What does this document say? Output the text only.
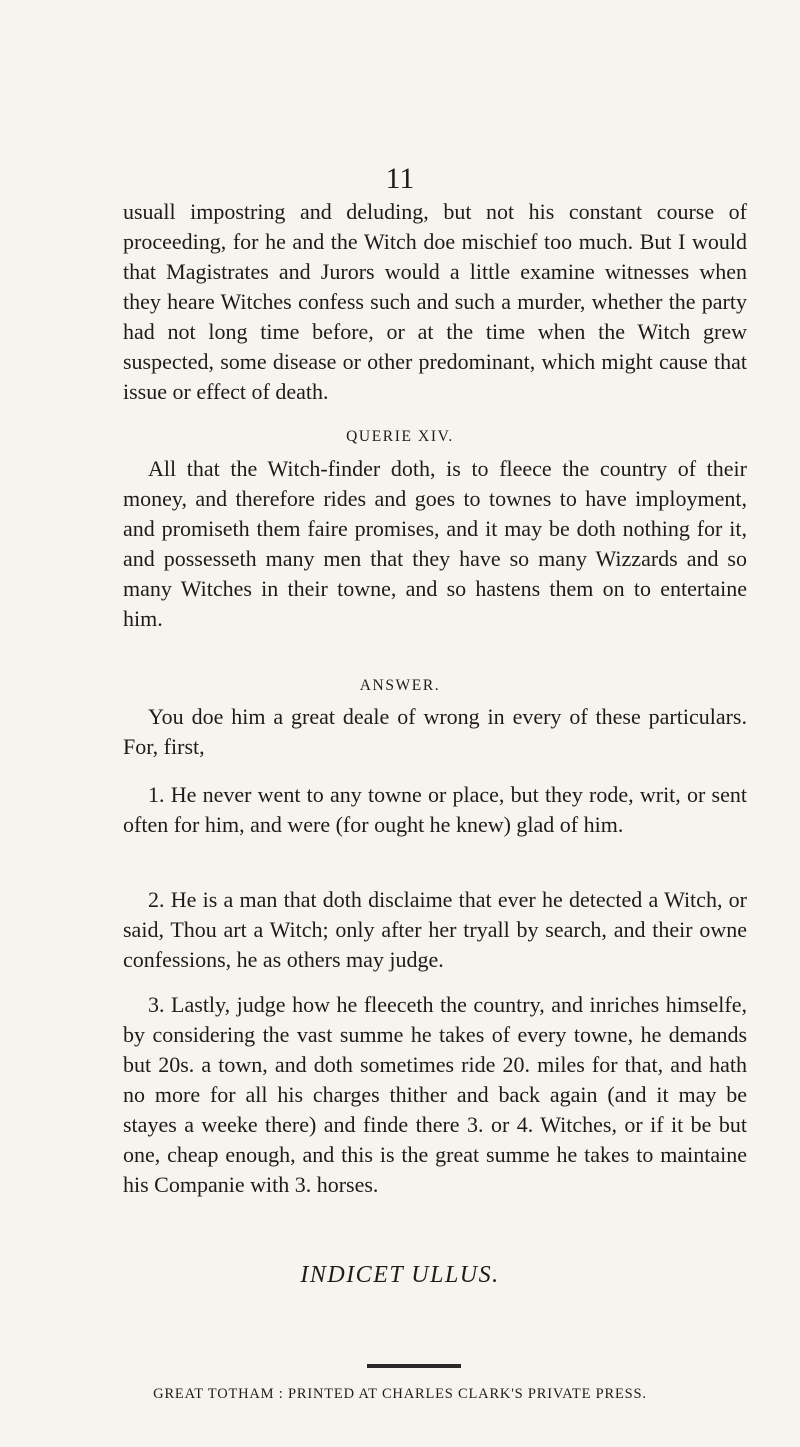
11

usuall impostring and deluding, but not his constant course of proceeding, for he and the Witch doe mischief too much. But I would that Magistrates and Jurors would a little examine witnesses when they heare Witches confess such and such a murder, whether the party had not long time before, or at the time when the Witch grew suspected, some disease or other predominant, which might cause that issue or effect of death.

QUERIE XIV.

All that the Witch-finder doth, is to fleece the country of their money, and therefore rides and goes to townes to have imployment, and promiseth them faire promises, and it may be doth nothing for it, and possesseth many men that they have so many Wizzards and so many Witches in their towne, and so hastens them on to entertaine him.

ANSWER.

You doe him a great deale of wrong in every of these particulars. For, first,

1. He never went to any towne or place, but they rode, writ, or sent often for him, and were (for ought he knew) glad of him.

2. He is a man that doth disclaime that ever he detected a Witch, or said, Thou art a Witch; only after her tryall by search, and their owne confessions, he as others may judge.

3. Lastly, judge how he fleeceth the country, and inriches himselfe, by considering the vast summe he takes of every towne, he demands but 20s. a town, and doth sometimes ride 20. miles for that, and hath no more for all his charges thither and back again (and it may be stayes a weeke there) and finde there 3. or 4. Witches, or if it be but one, cheap enough, and this is the great summe he takes to maintaine his Companie with 3. horses.

INDICET ULLUS.
GREAT TOTHAM : PRINTED AT CHARLES CLARK'S PRIVATE PRESS.
